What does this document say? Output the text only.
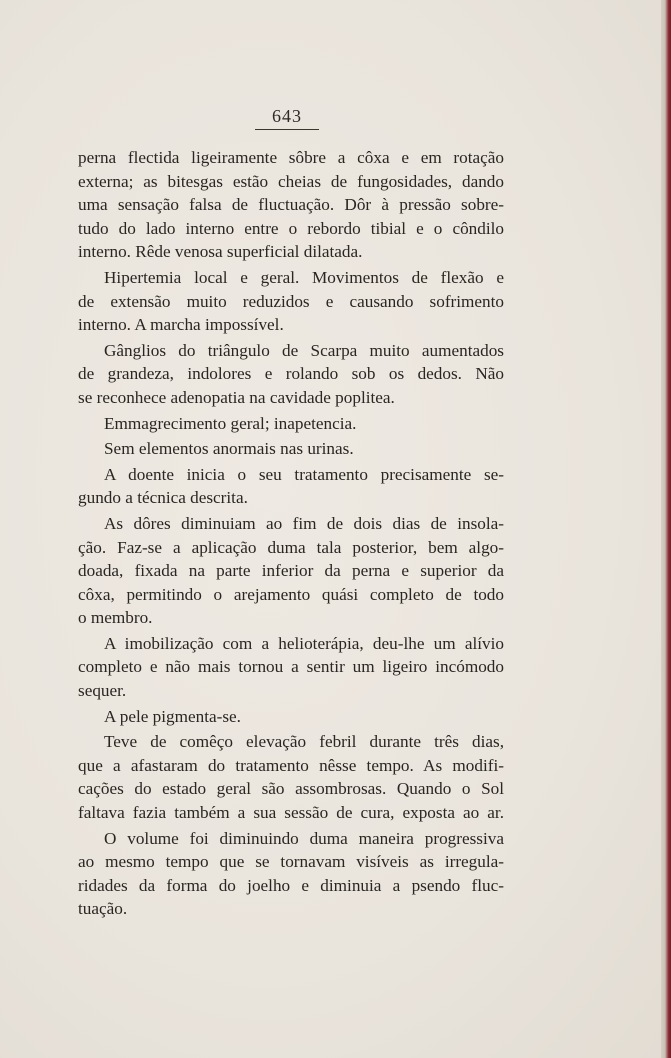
643
perna flectida ligeiramente sôbre a côxa e em rotação
externa; as bitesgas estão cheias de fungosidades, dando
uma sensação falsa de fluctuação. Dôr à pressão sobre-
tudo do lado interno entre o rebordo tibial e o côndilo
interno. Rêde venosa superficial dilatada.
Hipertemia local e geral. Movimentos de flexão e
de extensão muito reduzidos e causando sofrimento
interno. A marcha impossível.
Gânglios do triângulo de Scarpa muito aumentados
de grandeza, indolores e rolando sob os dedos. Não
se reconhece adenopatia na cavidade poplitea.
Emmagrecimento geral; inapetencia.
Sem elementos anormais nas urinas.
A doente inicia o seu tratamento precisamente se-
gundo a técnica descrita.
As dôres diminuiam ao fim de dois dias de insola-
ção. Faz-se a aplicação duma tala posterior, bem algo-
doada, fixada na parte inferior da perna e superior da
côxa, permitindo o arejamento quási completo de todo
o membro.
A imobilização com a helioterápia, deu-lhe um alívio
completo e não mais tornou a sentir um ligeiro incómodo
sequer.
A pele pigmenta-se.
Teve de comêço elevação febril durante três dias,
que a afastaram do tratamento nêsse tempo. As modifi-
cações do estado geral são assombrosas. Quando o Sol
faltava fazia também a sua sessão de cura, exposta ao ar.
O volume foi diminuindo duma maneira progressiva
ao mesmo tempo que se tornavam visíveis as irregula-
ridades da forma do joelho e diminuia a psendo fluc-
tuação.
